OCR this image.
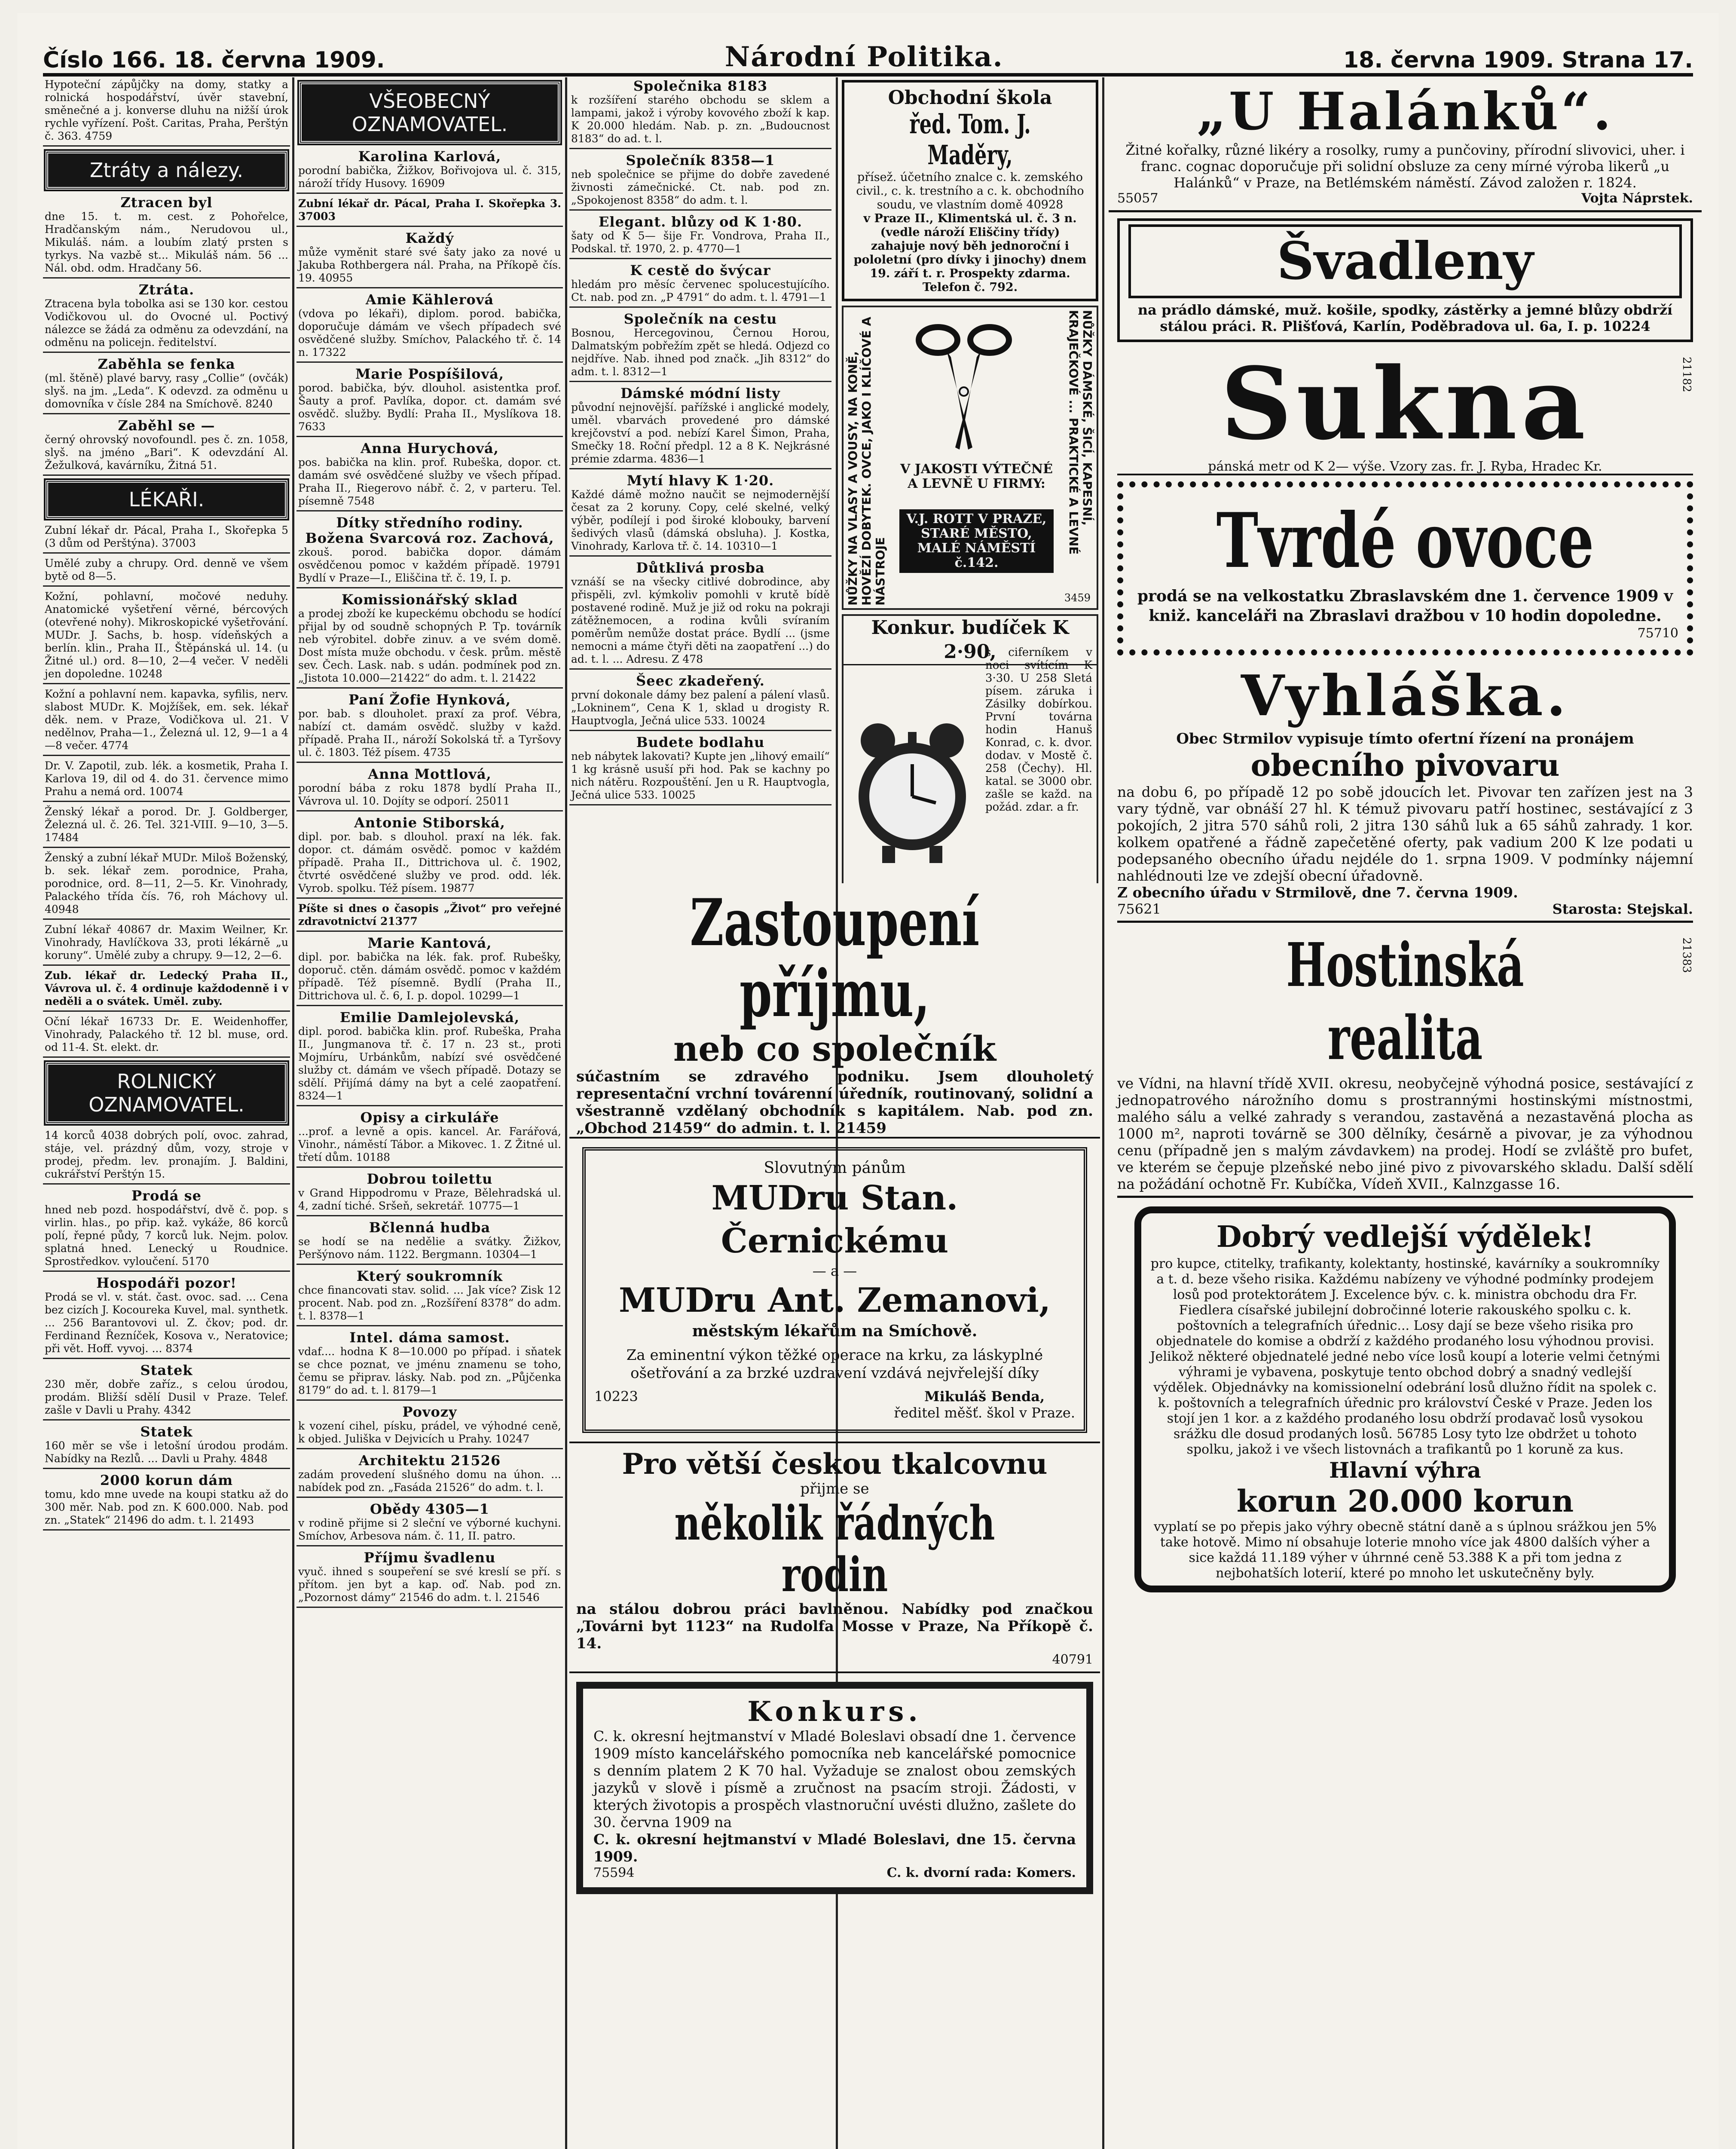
Číslo 166. 18. června 1909.	Národní Politika.	18. června 1909. Strana 17.
Hypoteční zápůjčky na domy, statky a rolnická hospodářství, úvěr stavební, směnečné a j. konverse dluhu na nižší úrok rychle vyřízení. Pošt. Caritas, Praha, Perštýn č. 363. 4759
Ztráty a nálezy.
Ztracen byl
dne 15. t. m. cest. z Pohořelce, Hradčanským nám., Nerudovou ul., Mikuláš. nám. a loubím zlatý prsten s tyrkys. Na vazbě st... Mikuláš nám. 56 ... Nál. obd. odm. Hradčany 56.
Ztráta.
Ztracena byla tobolka asi se 130 kor. cestou Vodičkovou ul. do Ovocné ul. Poctivý nálezce se žádá za odměnu za odevzdání, na odměnu na policejn. ředitelství.
Zaběhla se fenka
(ml. štěně) plavé barvy, rasy „Collie“ (ovčák) slyš. na jm. „Leda“. K odevzd. za odměnu u domovníka v čísle 284 na Smíchově. 8240
Zaběhl se —
černý ohrovský novofoundl. pes č. zn. 1058, slyš. na jméno „Bari“. K odevzdání Al. Žežulková, kavárníku, Žitná 51.
LÉKAŘI.
Zubní lékař dr. Pácal, Praha I., Skořepka 5 (3 dům od Perštýna). 37003
Umělé zuby a chrupy. Ord. denně ve všem bytě od 8—5.
Kožní, pohlavní, močové neduhy. Anatomické vyšetření věrné, bércových (otevřené nohy). Mikroskopické vyšetřování. MUDr. J. Sachs, b. hosp. vídeňských a berlín. klin., Praha II., Štěpánská ul. 14. (u Žitné ul.) ord. 8—10, 2—4 večer. V neděli jen dopoledne. 10248
Kožní a pohlavní nem. kapavka, syfilis, nerv. slabost MUDr. K. Mojžíšek, em. sek. lékař děk. nem. v Praze, Vodičkova ul. 21. V nedělnov, Praha—1., Železná ul. 12, 9—1 a 4—8 večer. 4774
Dr. V. Zapotil, zub. lék. a kosmetik, Praha I. Karlova 19, dil od 4. do 31. července mimo Prahu a nemá ord. 10074
Ženský lékař a porod. Dr. J. Goldberger, Železná ul. č. 26. Tel. 321-VIII. 9—10, 3—5. 17484
Ženský a zubní lékař MUDr. Miloš Boženský, b. sek. lékař zem. porodnice, Praha, porodnice, ord. 8—11, 2—5. Kr. Vinohrady, Palackého třída čís. 76, roh Máchovy ul. 40948
Zubní lékař 40867 dr. Maxim Weilner, Kr. Vinohrady, Havlíčkova 33, proti lékárně „u koruny“. Umělé zuby a chrupy. 9—12, 2—6.
Zub. lékař dr. Ledecký Praha II., Vávrova ul. č. 4 ordinuje každodenně i v neděli a o svátek. Uměl. zuby.
Oční lékař 16733 Dr. E. Weidenhoffer, Vinohrady, Palackého tř. 12 bl. muse, ord. od 11-4. St. elekt. dr.
ROLNICKÝ OZNAMOVATEL.
14 korců 4038 dobrých polí, ovoc. zahrad, stáje, vel. prázdný dům, vozy, stroje v prodej, předm. lev. pronajím. J. Baldini, cukrářství Perštýn 15.
Prodá se
hned neb pozd. hospodářství, dvě č. pop. s virlin. hlas., po přip. kaž. vykáže, 86 korců polí, řepné půdy, 7 korců luk. Nejm. polov. splatná hned. Lenecký u Roudnice. Sprostředkov. vyloučení. 5170
Hospodáři pozor!
Prodá se vl. v. stát. čast. ovoc. sad. ... Cena bez cizích J. Kocoureka Kuvel, mal. synthetk. ... 256 Barantovovi ul. Z. čkov; pod. dr. Ferdinand Řezníček, Kosova v., Neratovice; při vět. Hoff. vyvoj. ... 8374
Statek
230 měr, dobře zaříz., s celou úrodou, prodám. Bližší sdělí Dusil v Praze. Telef. zašle v Davli u Prahy. 4342
Statek
160 měr se vše i letošní úrodou prodám. Nabídky na Rezlů. ... Davli u Prahy. 4848
2000 korun dám
tomu, kdo mne uvede na koupi statku až do 300 měr. Nab. pod zn. K 600.000. Nab. pod zn. „Statek“ 21496 do adm. t. l. 21493
VŠEOBECNÝ OZNAMOVATEL.
Karolina Karlová,
porodní babička, Žižkov, Bořivojova ul. č. 315, nároží třídy Husovy. 16909
Zubní lékař dr. Pácal, Praha I. Skořepka 3. 37003
Každý
může vyměnit staré své šaty jako za nové u Jakuba Rothbergera nál. Praha, na Příkopě čís. 19. 40955
Amie Kählerová
(vdova po lékaři), diplom. porod. babička, doporučuje dámám ve všech případech své osvědčené služby. Smíchov, Palackého tř. č. 14 n. 17322
Marie Pospíšilová,
porod. babička, býv. dlouhol. asistentka prof. Šauty a prof. Pavlíka, dopor. ct. damám své osvědč. služby. Bydlí: Praha II., Myslíkova 18. 7633
Anna Hurychová,
pos. babička na klin. prof. Rubeška, dopor. ct. damám své osvědčené služby ve všech případ. Praha II., Riegerovo nábř. č. 2, v parteru. Tel. písemně 7548
Dítky středního rodiny.
Božena Svarcová roz. Zachová,
zkouš. porod. babička dopor. dámám osvědčenou pomoc v každém případě. 19791 Bydlí v Praze—I., Eliščina tř. č. 19, I. p.
Komissionářský sklad
a prodej zboží ke kupeckému obchodu se hodící přijal by od soudně schopných P. Tp. továrník neb výrobitel. dobře zinuv. a ve svém domě. Dost místa muže obchodu. v česk. prům. městě sev. Čech. Lask. nab. s udán. podmínek pod zn. „Jistota 10.000—21422“ do adm. t. l. 21422
Paní Žofie Hynková,
por. bab. s dlouholet. praxí za prof. Vébra, nabízí ct. damám osvědč. služby v každ. případě. Praha II., nároží Sokolská tř. a Tyršovy ul. č. 1803. Též písem. 4735
Anna Mottlová,
porodní bába z roku 1878 bydlí Praha II., Vávrova ul. 10. Dojíty se odporí. 25011
Antonie Stiborská,
dipl. por. bab. s dlouhol. praxí na lék. fak. dopor. ct. dámám osvědč. pomoc v každém případě. Praha II., Dittrichova ul. č. 1902, čtvrté osvědčené služby ve prod. odd. lék. Vyrob. spolku. Též písem. 19877
Píšte si dnes o časopis „Život“ pro veřejné zdravotnictví 21377
Marie Kantová,
dipl. por. babička na lék. fak. prof. Rubešky, doporuč. ctěn. dámám osvědč. pomoc v každém případě. Též písemně. Bydlí (Praha II., Dittrichova ul. č. 6, I. p. dopol. 10299—1
Emilie Damlejolevská,
dipl. porod. babička klin. prof. Rubeška, Praha II., Jungmanova tř. č. 17 n. 23 st., proti Mojmíru, Urbánkům, nabízí své osvědčené služby ct. dámám ve všech případě. Dotazy se sdělí. Přijímá dámy na byt a celé zaopatření. 8324—1
Opisy a cirkuláře
...prof. a levně a opis. kancel. Ar. Farářová, Vinohr., náměstí Tábor. a Mikovec. 1. Z Žitné ul. třetí dům. 10188
Dobrou toilettu
v Grand Hippodromu v Praze, Bělehradská ul. 4, zadní tiché. Sršeň, sekretář. 10775—1
Bčlenná hudba
se hodí se na nedělie a svátky. Žižkov, Peršýnovo nám. 1122. Bergmann. 10304—1
Který soukromník
chce financovati stav. solid. ... Jak více? Zisk 12 procent. Nab. pod zn. „Rozšíření 8378“ do adm. t. l. 8378—1
Intel. dáma samost.
vdaf.... hodna K 8—10.000 po případ. i sňatek se chce poznat, ve jménu znamenu se toho, čemu se připrav. lásky. Nab. pod zn. „Půjčenka 8179“ do ad. t. l. 8179—1
Povozy
k vození cihel, písku, prádel, ve výhodné ceně, k objed. Juliška v Dejvicích u Prahy. 10247
Architektu 21526
zadám provedení slušného domu na úhon. ... nabídek pod zn. „Fasáda 21526“ do adm. t. l.
Obědy 4305—1
v rodině přijme si 2 sleční ve výborné kuchyni. Smíchov, Arbesova nám. č. 11, II. patro.
Příjmu švadlenu
vyuč. ihned s soupeření se své kreslí se pří. s přítom. jen byt a kap. oď. Nab. pod zn. „Pozornost dámy“ 21546 do adm. t. l. 21546
Společnika 8183
k rozšíření starého obchodu se sklem a lampami, jakož i výroby kovového zboží k kap. K 20.000 hledám. Nab. p. zn. „Budoucnost 8183“ do ad. t. l.
Společník 8358—1
neb společnice se přijme do dobře zavedené živnosti zámečnické. Ct. nab. pod zn. „Spokojenost 8358“ do adm. t. l.
Elegant. blůzy od K 1·80.
šaty od K 5— šije Fr. Vondrova, Praha II., Podskal. tř. 1970, 2. p. 4770—1
K cestě do švýcar
hledám pro měsíc červenec spolucestujícího. Ct. nab. pod zn. „P 4791“ do adm. t. l. 4791—1
Společník na cestu
Bosnou, Hercegovinou, Černou Horou, Dalmatským pobřežím zpět se hledá. Odjezd co nejdříve. Nab. ihned pod značk. „Jih 8312“ do adm. t. l. 8312—1
Dámské módní listy
původní nejnovější. pařížské i anglické modely, uměl. vbarvách provedené pro dámské krejčovství a pod. nebízí Karel Šimon, Praha, Smečky 18. Roční předpl. 12 a 8 K. Nejkrásné prémie zdarma. 4836—1
Mytí hlavy K 1·20.
Každé dámě možno naučit se nejmodernější česat za 2 koruny. Copy, celé skelné, velký výběr, podílejí i pod široké klobouky, barvení šedivých vlasů (dámská obsluha). J. Kostka, Vinohrady, Karlova tř. č. 14. 10310—1
Důtklivá prosba
vznáší se na všecky citlivé dobrodince, aby přispěli, zvl. kýmkoliv pomohli v krutě bídě postavené rodině. Muž je již od roku na pokraji zátěžnemocen, a rodina kvůli svíraním poměrům nemůže dostat práce. Bydlí ... (jsme nemocni a máme čtyři děti na zaopatření ...) do ad. t. l. ... Adresu. Z 478
Šeec zkadeřený.
první dokonale dámy bez palení a pálení vlasů. „Lokninem“, Cena K 1, sklad u drogisty R. Hauptvogla, Ječná ulice 533. 10024
Budete bodlahu
neb nábytek lakovati? Kupte jen „lihový emailí“ 1 kg krásně usuší při hod. Pak se kachny po nich nátěru. Rozpouštění. Jen u R. Hauptvogla, Ječná ulice 533. 10025
Obchodní škola
řed. Tom. J. Maděry,
přísež. účetního znalce c. k. zemského civil., c. k. trestního a c. k. obchodního soudu, ve vlastním domě 40928
v Praze II., Klimentská ul. č. 3 n. (vedle nároží Eliščiny třídy) zahajuje nový běh jednoroční i pololetní (pro dívky i jinochy) dnem 19. září t. r. Prospekty zdarma. Telefon č. 792.
NŮŽKY NA VLASY A VOUSY, NA KONĚ, HOVĚZÍ DOBYTEK. OVCE, JAKO I KLÍČOVÉ A NÁSTROJE
NŮŽKY DÁMSKÉ, ŠICÍ, KAPESNÍ, KRAJEČKOVÉ ... PRAKTICKÉ A LEVNÉ
V JAKOSTI VÝTEČNÉ A LEVNĚ U FIRMY:
V.J. ROTT V PRAZE, STARÉ MĚSTO, MALÉ NÁMĚSTÍ č.142.
3459
Konkur. budíček K 2·90,
s ciferníkem v noci svítícím K 3·30. U 258 Sletá písem. záruka i Zásilky dobírkou. První továrna hodin Hanuš Konrad, c. k. dvor. dodav. v Mostě č. 258 (Čechy). Hl. katal. se 3000 obr. zašle se každ. na požád. zdar. a fr.
Zastoupení příjmu,
neb co společník
súčastním se zdravého podniku. Jsem dlouholetý representační vrchní továrenní úředník, routinovaný, solidní a všestranně vzdělaný obchodník s kapitálem. Nab. pod zn. „Obchod 21459“ do admin. t. l. 21459
Slovutným pánům
MUDru Stan. Černickému
— a —
MUDru Ant. Zemanovi,
městským lékařům na Smíchově.
Za eminentní výkon těžké operace na krku, za láskyplné ošetřování a za brzké uzdravení vzdává nejvřelejší díky
10223	Mikuláš Benda,
ředitel měšť. škol v Praze.
Pro větší českou tkalcovnu
přijme se
několik řádných rodin
na stálou dobrou práci bavlněnou. Nabídky pod značkou „Továrni byt 1123“ na Rudolfa Mosse v Praze, Na Příkopě č. 14.
40791
Konkurs.
C. k. okresní hejtmanství v Mladé Boleslavi obsadí dne 1. července 1909 místo kancelářského pomocníka neb kancelářské pomocnice s denním platem 2 K 70 hal. Vyžaduje se znalost obou zemských jazyků v slově i písmě a zručnost na psacím stroji. Žádosti, v kterých životopis a prospěch vlastnoruční uvésti dlužno, zašlete do 30. června 1909 na
C. k. okresní hejtmanství v Mladé Boleslavi, dne 15. června 1909.
75594	C. k. dvorní rada: Komers.
„U Halánků“.
Žitné kořalky, různé likéry a rosolky, rumy a punčoviny, přírodní slivovici, uher. i franc. cognac doporučuje při solidní obsluze za ceny mírné výroba likerů „u Halánků“ v Praze, na Betlémském náměstí. Závod založen r. 1824.
55057	Vojta Náprstek.
Švadleny
na prádlo dámské, muž. košile, spodky, zástěrky a jemné blůzy obdrží stálou práci. R. Plišťová, Karlín, Poděbradova ul. 6a, I. p. 10224
Sukna	21182
pánská metr od K 2— výše. Vzory zas. fr. J. Ryba, Hradec Kr.
Tvrdé ovoce
prodá se na velkostatku Zbraslavském dne 1. července 1909 v kniž. kanceláři na Zbraslavi dražbou v 10 hodin dopoledne.
75710
Vyhláška.
Obec Strmilov vypisuje tímto ofertní řízení na pronájem
obecního pivovaru
na dobu 6, po případě 12 po sobě jdoucích let. Pivovar ten zařízen jest na 3 vary týdně, var obnáší 27 hl. K témuž pivovaru patří hostinec, sestávající z 3 pokojích, 2 jitra 570 sáhů roli, 2 jitra 130 sáhů luk a 65 sáhů zahrady. 1 kor. kolkem opatřené a řádně zapečetěné oferty, pak vadium 200 K lze podati u podepsaného obecního úřadu nejdéle do 1. srpna 1909. V podmínky nájemní nahlédnouti lze ve zdejší obecní úřadovně.
Z obecního úřadu v Strmilově, dne 7. června 1909.
75621	Starosta: Stejskal.
Hostinská realita
21383
ve Vídni, na hlavní třídě XVII. okresu, neobyčejně výhodná posice, sestávající z jednopatrového nárožního domu s prostrannými hostinskými místnostmi, malého sálu a velké zahrady s verandou, zastavěná a nezastavěná plocha as 1000 m², naproti továrně se 300 dělníky, česárně a pivovar, je za výhodnou cenu (případně jen s malým závdavkem) na prodej. Hodí se zvláště pro bufet, ve kterém se čepuje plzeňské nebo jiné pivo z pivovarského skladu. Další sdělí na požádání ochotně Fr. Kubíčka, Vídeň XVII., Kalnzgasse 16.
Dobrý vedlejší výdělek!
pro kupce, ctitelky, trafikanty, kolektanty, hostinské, kavárníky a soukromníky a t. d. beze všeho risika. Každému nabízeny ve výhodné podmínky prodejem losů pod protektorátem J. Excelence býv. c. k. ministra obchodu dra Fr. Fiedlera císařské jubilejní dobročinné loterie rakouského spolku c. k. poštovních a telegrafních úřednic... Losy dají se beze všeho risika pro objednatele do komise a obdrží z každého prodaného losu výhodnou provisi. Jelikož některé objednatelé jedné nebo více losů koupí a loterie velmi četnými výhrami je vybavena, poskytuje tento obchod dobrý a snadný vedlejší výdělek. Objednávky na komissionelní odebrání losů dlužno řídit na spolek c. k. poštovních a telegrafních úřednic pro království České v Praze. Jeden los stojí jen 1 kor. a z každého prodaného losu obdrží prodavač losů vysokou srážku dle dosud prodaných losů. 56785 Losy tyto lze obdržet u tohoto spolku, jakož i ve všech listovnách a trafikantů po 1 koruně za kus.
Hlavní výhra
korun 20.000 korun
vyplatí se po přepis jako výhry obecně státní daně a s úplnou srážkou jen 5% take hotově. Mimo ní obsahuje loterie mnoho více jak 4800 dalších výher a sice každá 11.189 výher v úhrnné ceně 53.388 K a při tom jedna z nejbohatších loterií, které po mnoho let uskutečněny byly.
